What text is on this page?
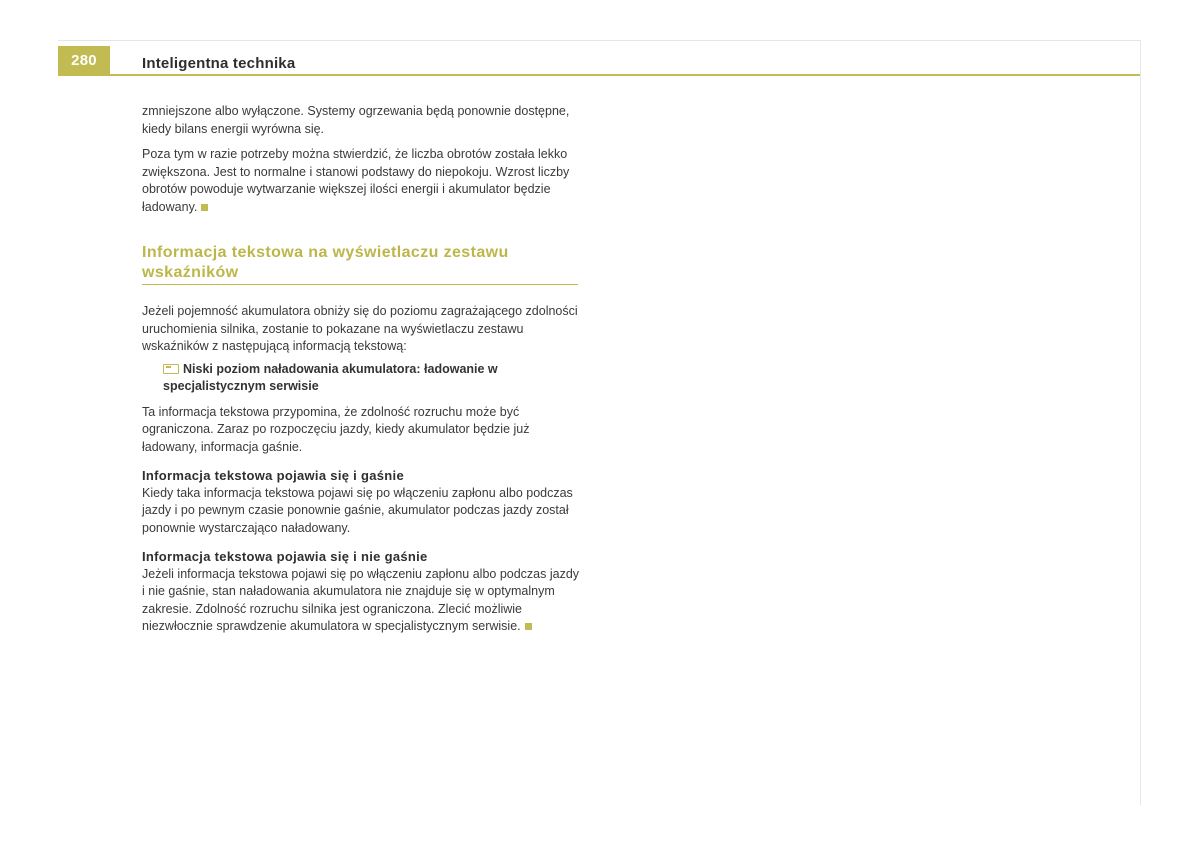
280	Inteligentna technika

zmniejszone albo wyłączone. Systemy ogrzewania będą ponownie dostępne, kiedy bilans energii wyrówna się.

Poza tym w razie potrzeby można stwierdzić, że liczba obrotów została lekko zwiększona. Jest to normalne i stanowi podstawy do niepokoju. Wzrost liczby obrotów powoduje wytwarzanie większej ilości energii i akumulator będzie ładowany.

Informacja tekstowa na wyświetlaczu zestawu wskaźników

Jeżeli pojemność akumulatora obniży się do poziomu zagrażającego zdolności uruchomienia silnika, zostanie to pokazane na wyświetlaczu zestawu wskaźników z następującą informacją tekstową:

Niski poziom naładowania akumulatora: ładowanie w specjalistycznym serwisie

Ta informacja tekstowa przypomina, że zdolność rozruchu może być ograniczona. Zaraz po rozpoczęciu jazdy, kiedy akumulator będzie już ładowany, informacja gaśnie.

Informacja tekstowa pojawia się i gaśnie

Kiedy taka informacja tekstowa pojawi się po włączeniu zapłonu albo podczas jazdy i po pewnym czasie ponownie gaśnie, akumulator podczas jazdy został ponownie wystarczająco naładowany.

Informacja tekstowa pojawia się i nie gaśnie

Jeżeli informacja tekstowa pojawi się po włączeniu zapłonu albo podczas jazdy i nie gaśnie, stan naładowania akumulatora nie znajduje się w optymalnym zakresie. Zdolność rozruchu silnika jest ograniczona. Zlecić możliwie niezwłocznie sprawdzenie akumulatora w specjalistycznym serwisie.
